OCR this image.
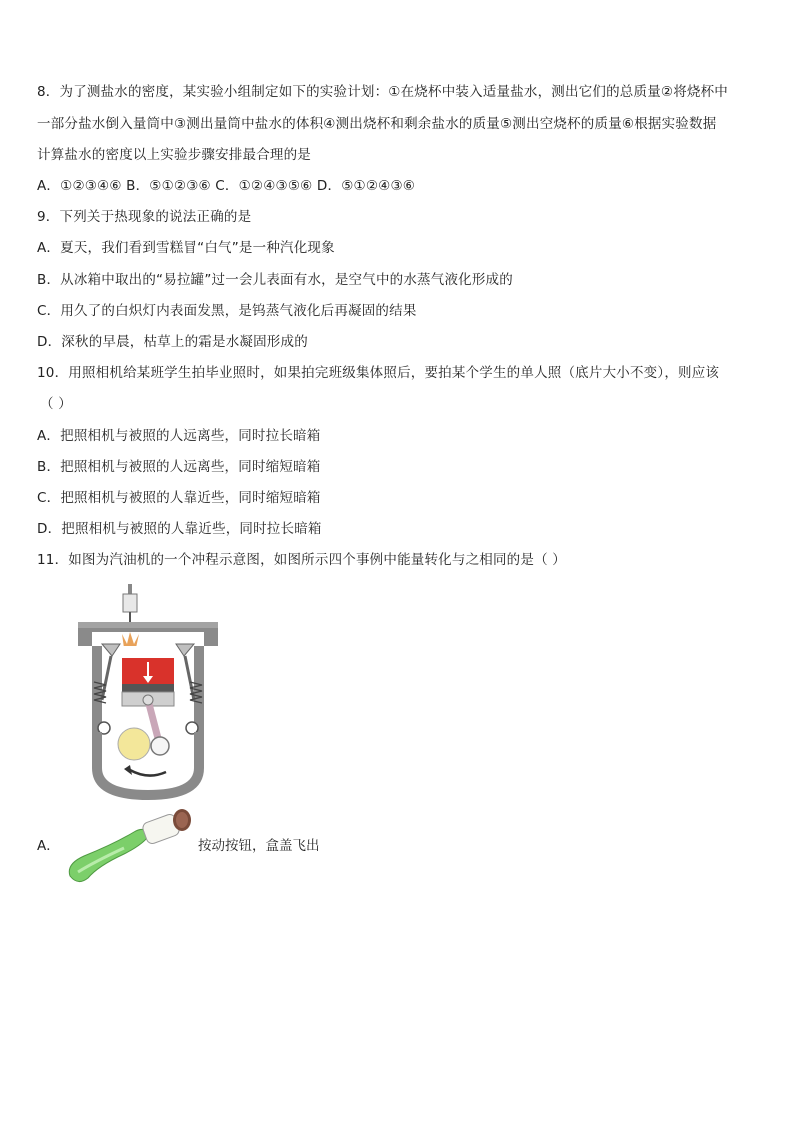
8．为了测盐水的密度，某实验小组制定如下的实验计划：①在烧杯中装入适量盐水，测出它们的总质量②将烧杯中
一部分盐水倒入量筒中③测出量筒中盐水的体积④测出烧杯和剩余盐水的质量⑤测出空烧杯的质量⑥根据实验数据
计算盐水的密度以上实验步骤安排最合理的是
A．①②③④⑥ B．⑤①②③⑥ C．①②④③⑤⑥ D．⑤①②④③⑥
9．下列关于热现象的说法正确的是
A．夏天，我们看到雪糕冒“白气”是一种汽化现象
B．从冰箱中取出的“易拉罐”过一会儿表面有水，是空气中的水蒸气液化形成的
C．用久了的白炽灯内表面发黑，是钨蒸气液化后再凝固的结果
D．深秋的早晨，枯草上的霜是水凝固形成的
10．用照相机给某班学生拍毕业照时，如果拍完班级集体照后，要拍某个学生的单人照（底片大小不变），则应该
（ ）
A．把照相机与被照的人远离些，同时拉长暗箱
B．把照相机与被照的人远离些，同时缩短暗箱
C．把照相机与被照的人靠近些，同时缩短暗箱
D．把照相机与被照的人靠近些，同时拉长暗箱
11．如图为汽油机的一个冲程示意图，如图所示四个事例中能量转化与之相同的是（ ）
A．	按动按钮，盒盖飞出
